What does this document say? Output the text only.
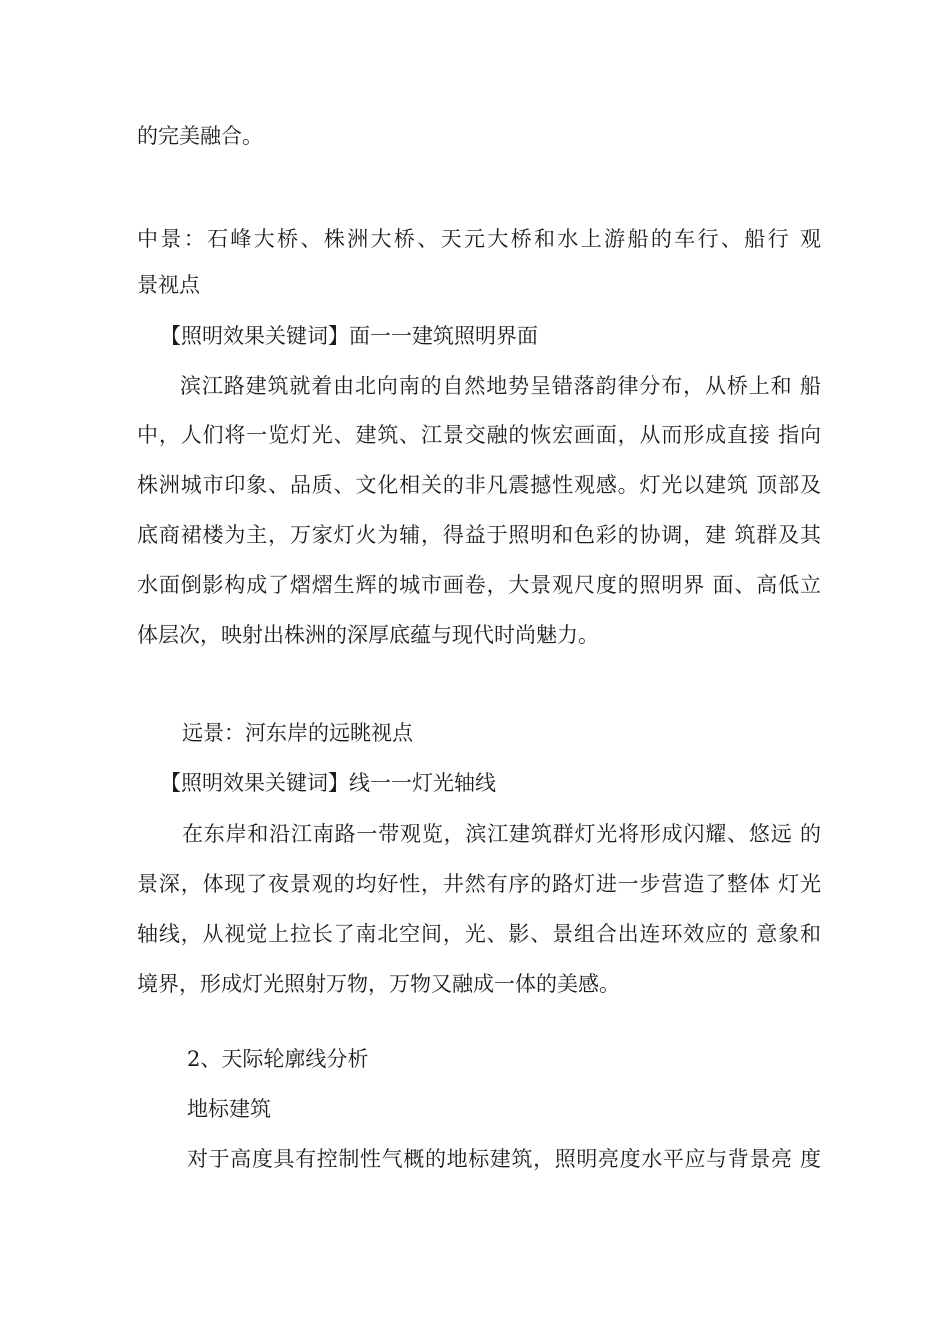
的完美融合。
中景：石峰大桥、株洲大桥、天元大桥和水上游船的车行、船行 观
景视点
【照明效果关键词】面一一建筑照明界面
滨江路建筑就着由北向南的自然地势呈错落韵律分布，从桥上和 船
中，人们将一览灯光、建筑、江景交融的恢宏画面，从而形成直接 指向
株洲城市印象、品质、文化相关的非凡震撼性观感。灯光以建筑 顶部及
底商裙楼为主，万家灯火为辅，得益于照明和色彩的协调，建 筑群及其
水面倒影构成了熠熠生辉的城市画卷，大景观尺度的照明界 面、高低立
体层次，映射出株洲的深厚底蕴与现代时尚魅力。
远景：河东岸的远眺视点
【照明效果关键词】线一一灯光轴线
在东岸和沿江南路一带观览，滨江建筑群灯光将形成闪耀、悠远 的
景深，体现了夜景观的均好性，井然有序的路灯进一步营造了整体 灯光
轴线，从视觉上拉长了南北空间，光、影、景组合出连环效应的 意象和
境界，形成灯光照射万物，万物又融成一体的美感。
2、天际轮廓线分析
地标建筑
对于高度具有控制性气概的地标建筑，照明亮度水平应与背景亮 度
